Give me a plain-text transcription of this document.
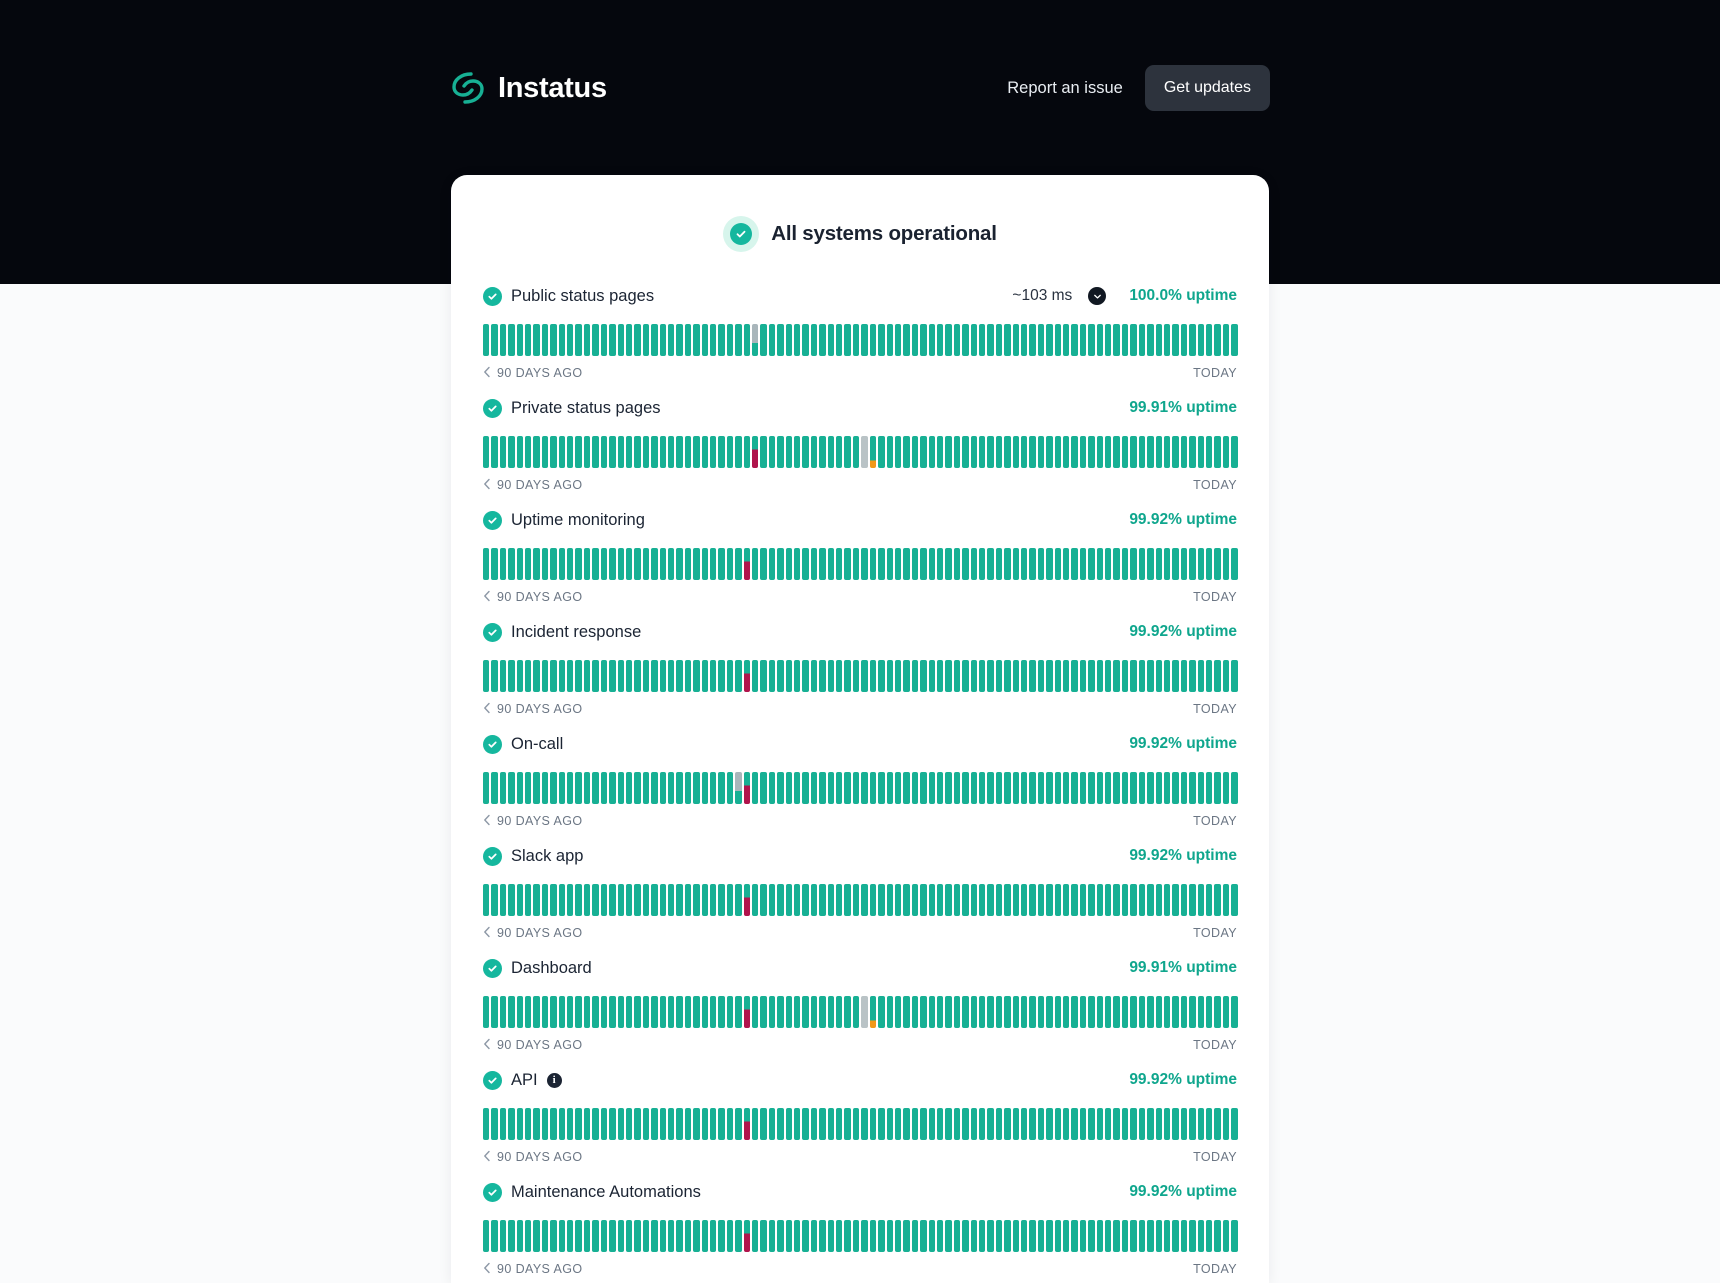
Instatus	Report an issue	Get updates
All systems operational
Public status pages	~103 ms	100.0% uptime
90 DAYS AGO	TODAY
Private status pages	99.91% uptime
90 DAYS AGO	TODAY
Uptime monitoring	99.92% uptime
90 DAYS AGO	TODAY
Incident response	99.92% uptime
90 DAYS AGO	TODAY
On-call	99.92% uptime
90 DAYS AGO	TODAY
Slack app	99.92% uptime
90 DAYS AGO	TODAY
Dashboard	99.91% uptime
90 DAYS AGO	TODAY
API	i	99.92% uptime
90 DAYS AGO	TODAY
Maintenance Automations	99.92% uptime
90 DAYS AGO	TODAY
